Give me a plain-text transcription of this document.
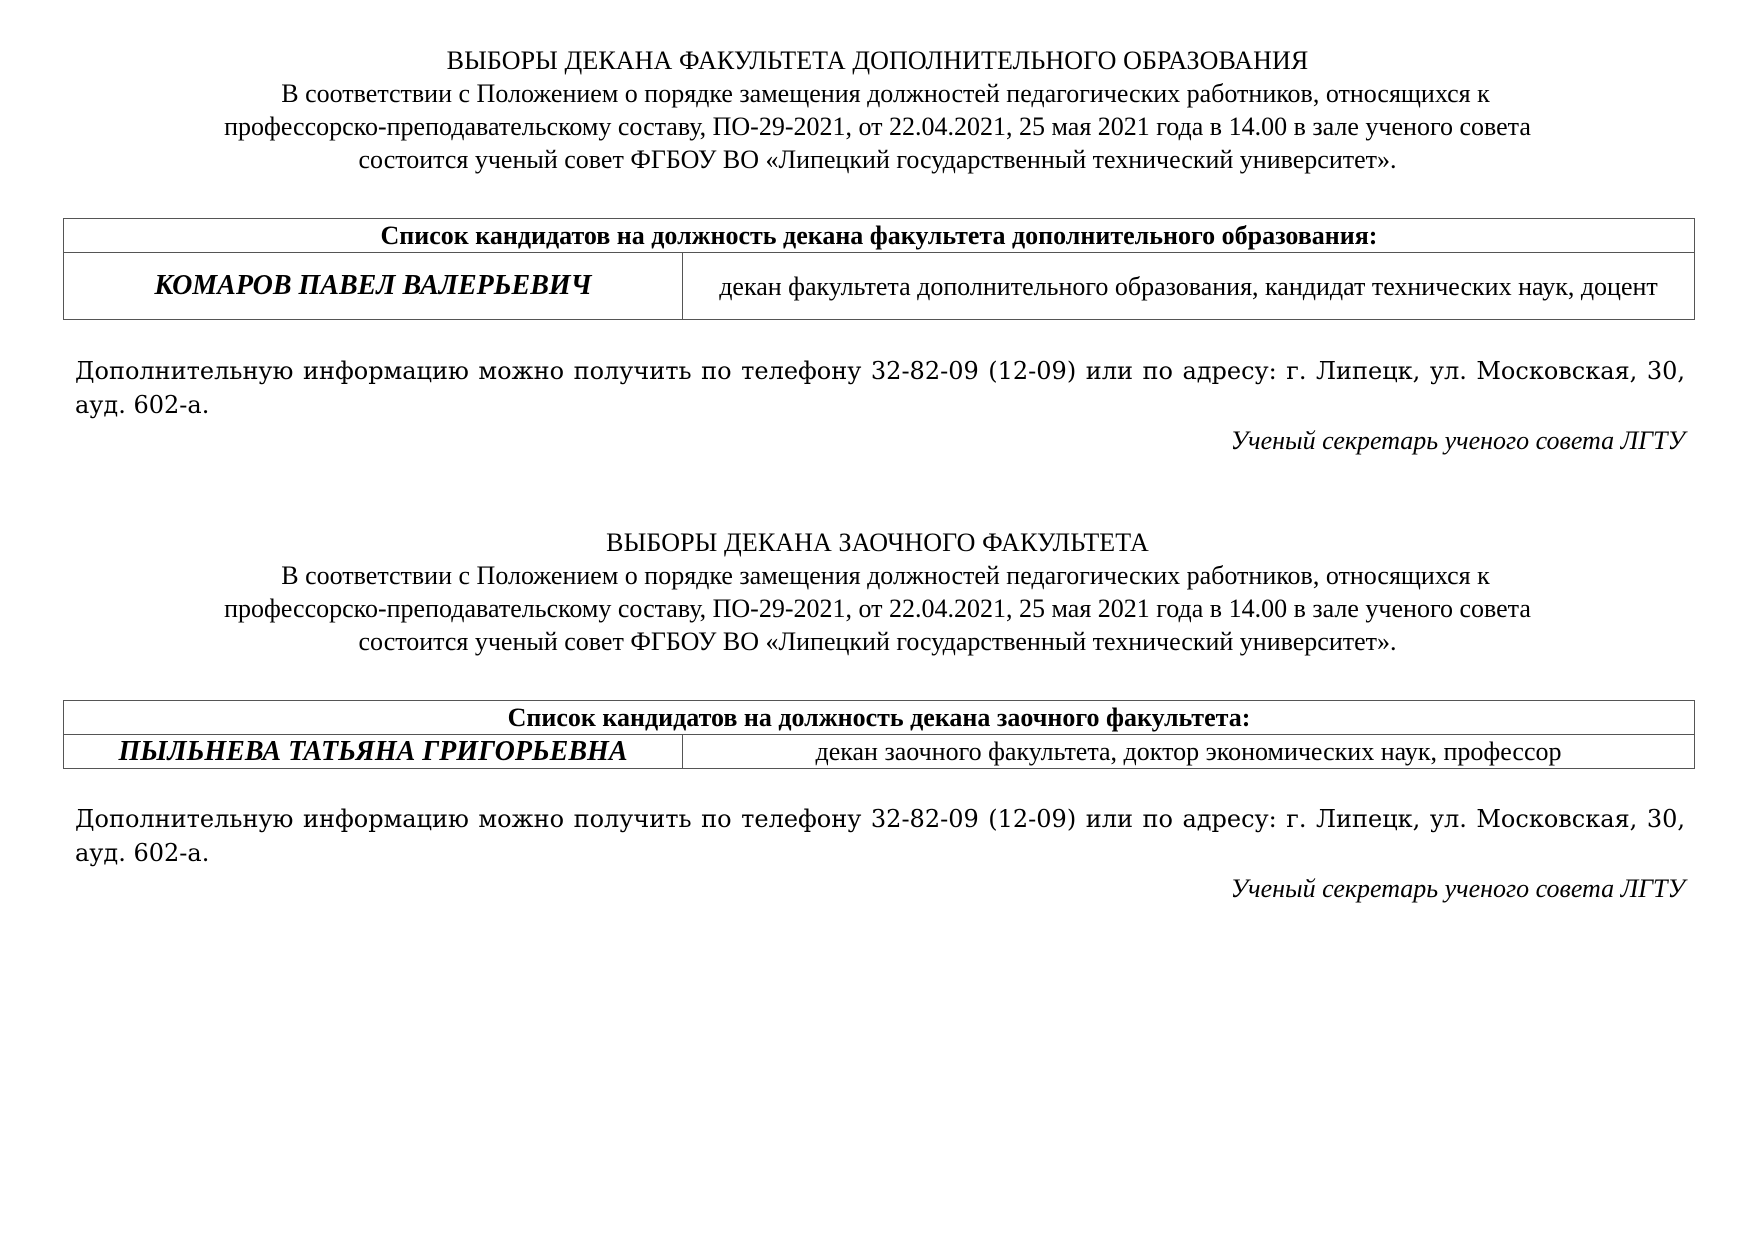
ВЫБОРЫ ДЕКАНА ФАКУЛЬТЕТА ДОПОЛНИТЕЛЬНОГО ОБРАЗОВАНИЯ

В соответствии с Положением о порядке замещения должностей педагогических работников, относящихся к
профессорско-преподавательскому составу, ПО-29-2021, от 22.04.2021, 25 мая 2021 года в 14.00 в зале ученого совета
состоится ученый совет ФГБОУ ВО «Липецкий государственный технический университет».

Список кандидатов на должность декана факультета дополнительного образования:
КОМАРОВ ПАВЕЛ ВАЛЕРЬЕВИЧ	декан факультета дополнительного образования, кандидат технических наук, доцент

Дополнительную информацию можно получить по телефону 32-82-09 (12-09) или по адресу: г. Липецк, ул. Московская, 30, ауд. 602-а.

Ученый секретарь ученого совета ЛГТУ

ВЫБОРЫ ДЕКАНА ЗАОЧНОГО ФАКУЛЬТЕТА

В соответствии с Положением о порядке замещения должностей педагогических работников, относящихся к
профессорско-преподавательскому составу, ПО-29-2021, от 22.04.2021, 25 мая 2021 года в 14.00 в зале ученого совета
состоится ученый совет ФГБОУ ВО «Липецкий государственный технический университет».

Список кандидатов на должность декана заочного факультета:
ПЫЛЬНЕВА ТАТЬЯНА ГРИГОРЬЕВНА	декан заочного факультета, доктор экономических наук, профессор

Дополнительную информацию можно получить по телефону 32-82-09 (12-09) или по адресу: г. Липецк, ул. Московская, 30, ауд. 602-а.

Ученый секретарь ученого совета ЛГТУ
